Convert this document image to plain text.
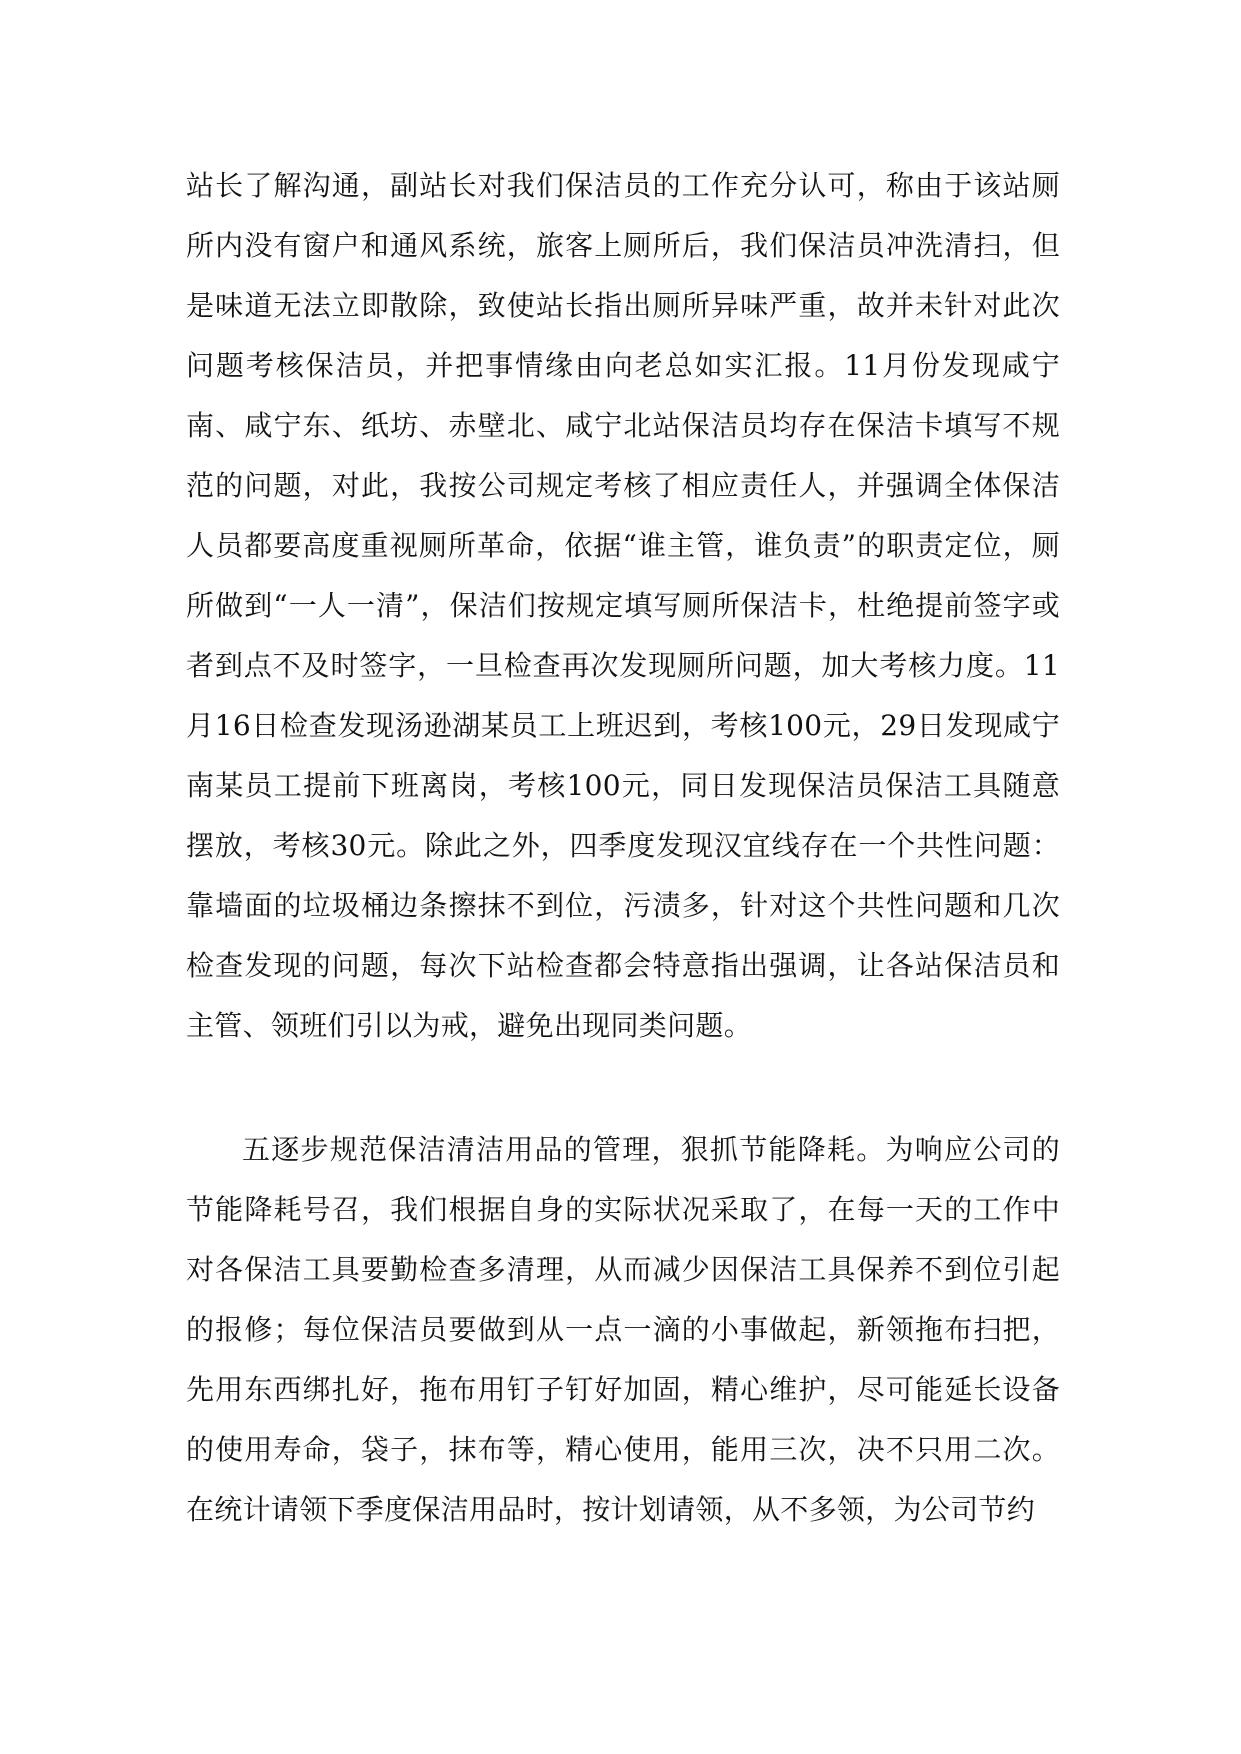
站长了解沟通，副站长对我们保洁员的工作充分认可，称由于该站厕所内没有窗户和通风系统，旅客上厕所后，我们保洁员冲洗清扫，但是味道无法立即散除，致使站长指出厕所异味严重，故并未针对此次问题考核保洁员，并把事情缘由向老总如实汇报。11月份发现咸宁南、咸宁东、纸坊、赤壁北、咸宁北站保洁员均存在保洁卡填写不规范的问题，对此，我按公司规定考核了相应责任人，并强调全体保洁人员都要高度重视厕所革命，依据“谁主管，谁负责”的职责定位，厕所做到“一人一清”，保洁们按规定填写厕所保洁卡，杜绝提前签字或者到点不及时签字，一旦检查再次发现厕所问题，加大考核力度。11月16日检查发现汤逊湖某员工上班迟到，考核100元，29日发现咸宁南某员工提前下班离岗，考核100元，同日发现保洁员保洁工具随意摆放，考核30元。除此之外，四季度发现汉宜线存在一个共性问题：靠墙面的垃圾桶边条擦抹不到位，污渍多，针对这个共性问题和几次检查发现的问题，每次下站检查都会特意指出强调，让各站保洁员和主管、领班们引以为戒，避免出现同类问题。

五逐步规范保洁清洁用品的管理，狠抓节能降耗。为响应公司的节能降耗号召，我们根据自身的实际状况采取了，在每一天的工作中对各保洁工具要勤检查多清理，从而减少因保洁工具保养不到位引起的报修；每位保洁员要做到从一点一滴的小事做起，新领拖布扫把，先用东西绑扎好，拖布用钉子钉好加固，精心维护，尽可能延长设备的使用寿命，袋子，抹布等，精心使用，能用三次，决不只用二次。在统计请领下季度保洁用品时，按计划请领，从不多领，为公司节约
